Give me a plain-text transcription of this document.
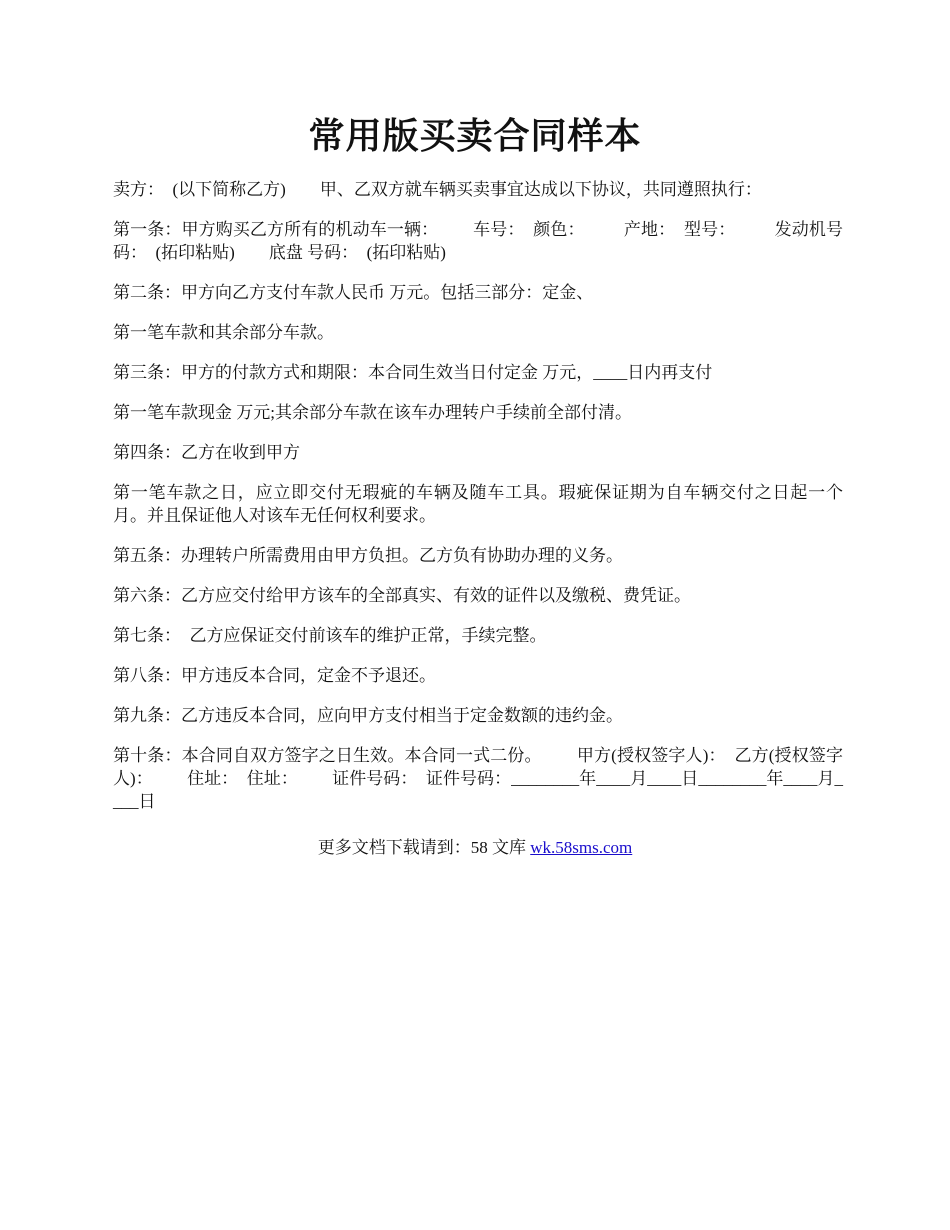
常用版买卖合同样本

卖方：  (以下简称乙方)        甲、乙双方就车辆买卖事宜达成以下协议，共同遵照执行：

第一条：甲方购买乙方所有的机动车一辆：        车号：  颜色：         产地：  型号：         发动机号码：  (拓印粘贴)        底盘 号码：  (拓印粘贴)

第二条：甲方向乙方支付车款人民币 万元。包括三部分：定金、

第一笔车款和其余部分车款。

第三条：甲方的付款方式和期限：本合同生效当日付定金 万元，____日内再支付

第一笔车款现金 万元;其余部分车款在该车办理转户手续前全部付清。

第四条：乙方在收到甲方

第一笔车款之日，应立即交付无瑕疵的车辆及随车工具。瑕疵保证期为自车辆交付之日起一个月。并且保证他人对该车无任何权利要求。

第五条：办理转户所需费用由甲方负担。乙方负有协助办理的义务。

第六条：乙方应交付给甲方该车的全部真实、有效的证件以及缴税、费凭证。

第七条：  乙方应保证交付前该车的维护正常，手续完整。

第八条：甲方违反本合同，定金不予退还。

第九条：乙方违反本合同，应向甲方支付相当于定金数额的违约金。

第十条：本合同自双方签字之日生效。本合同一式二份。        甲方(授权签字人)：  乙方(授权签字人)：        住址：  住址：        证件号码：  证件号码：________年____月____日________年____月____日

更多文档下载请到：58 文库 wk.58sms.com
